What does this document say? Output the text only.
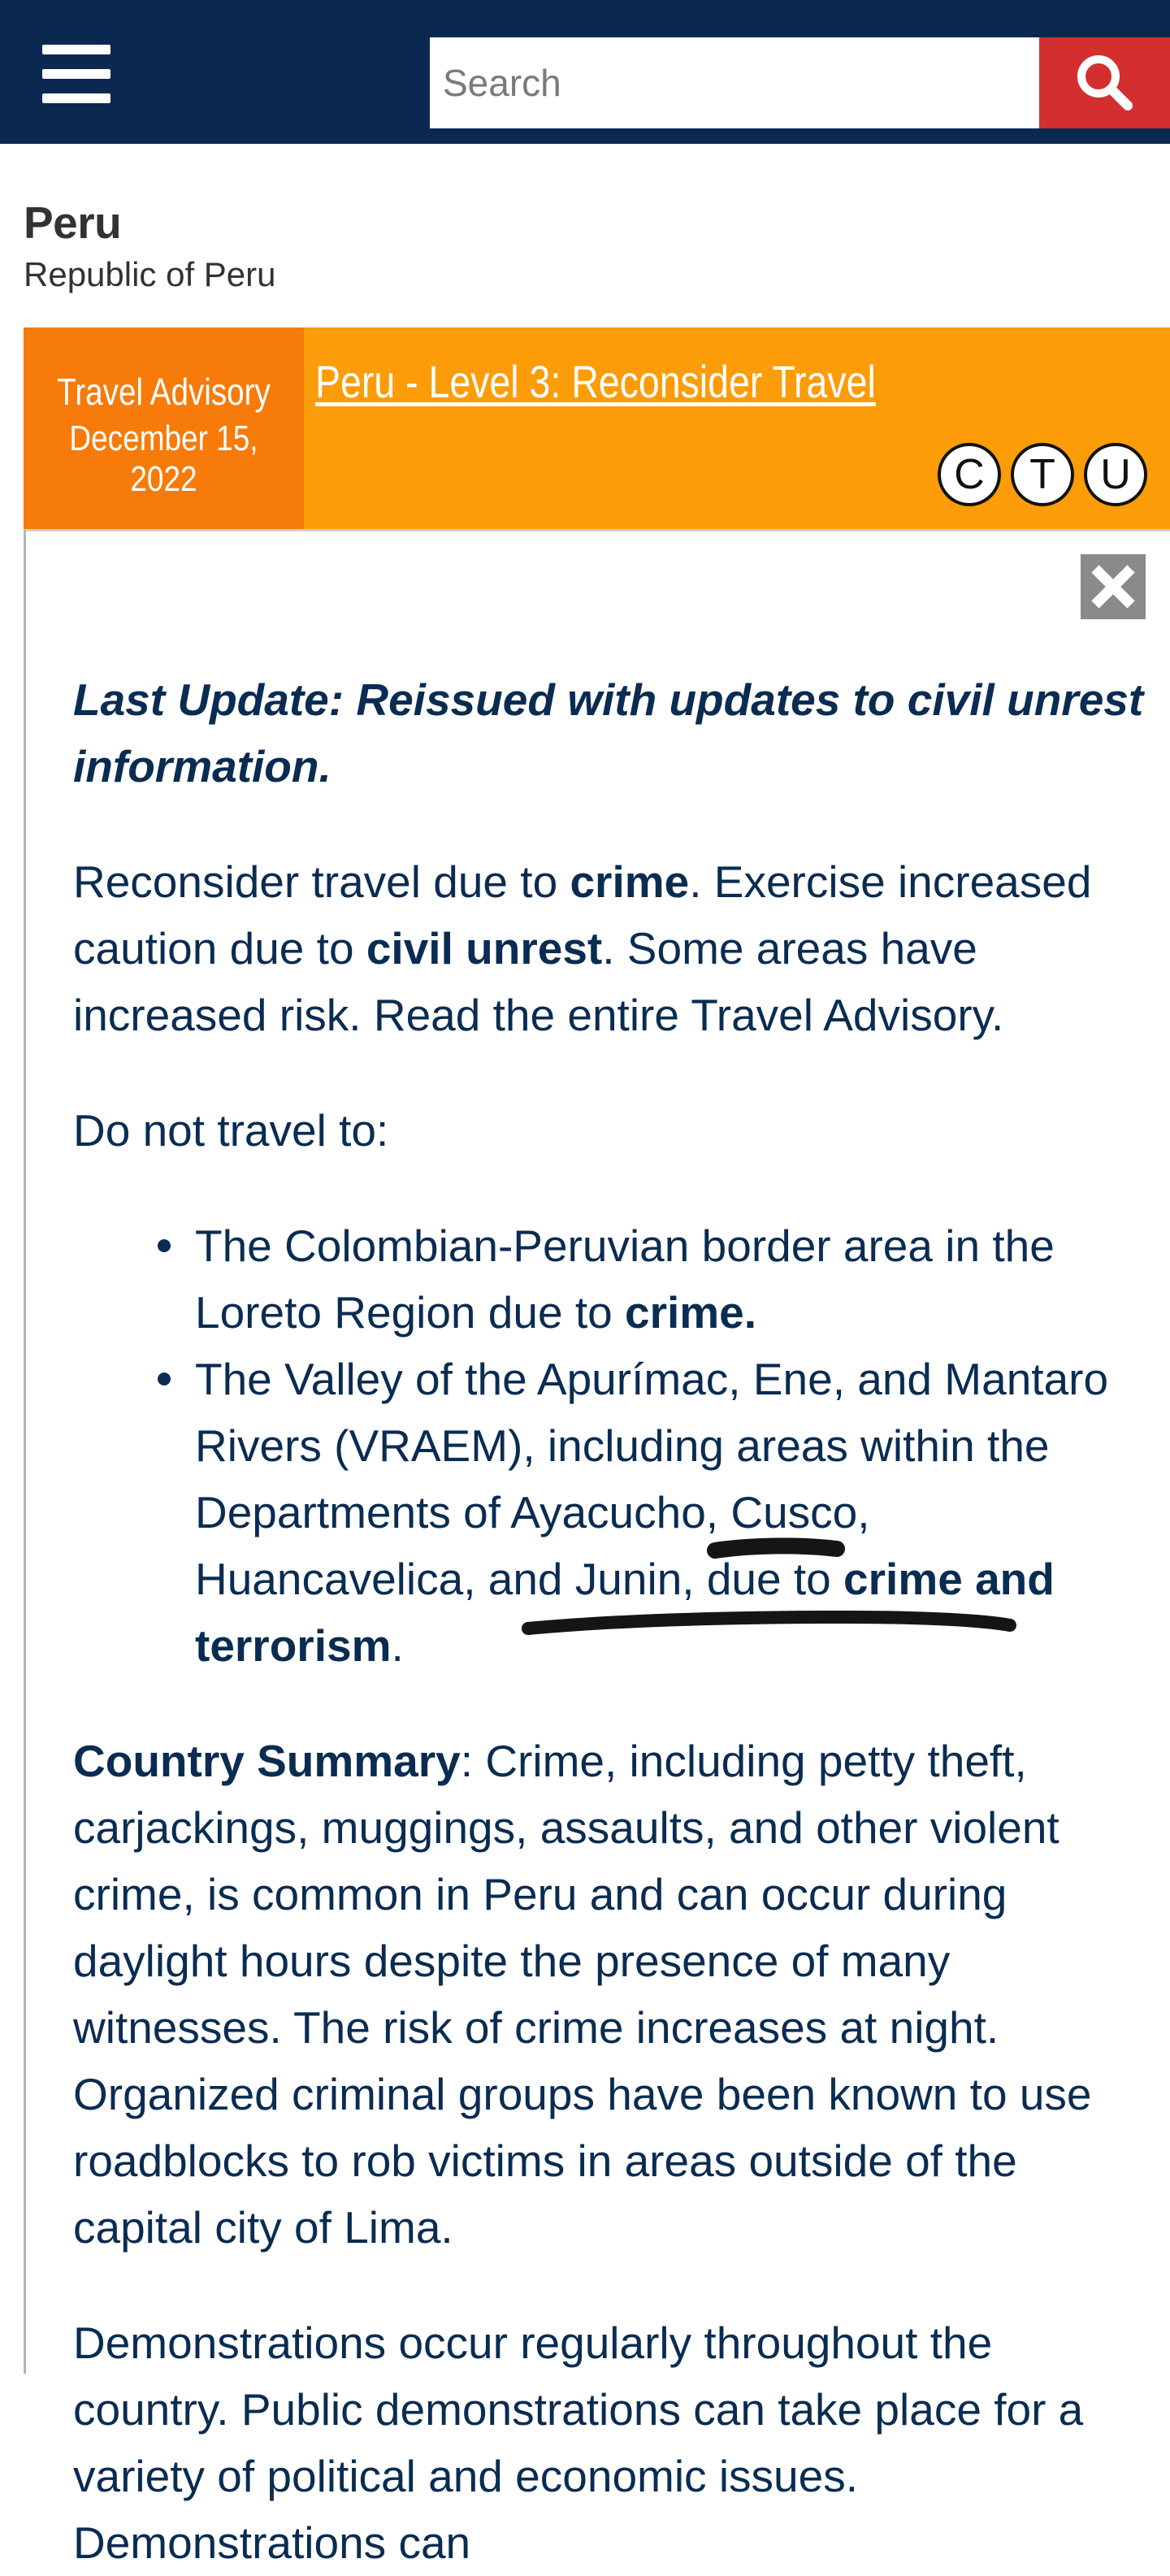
Search
Peru
Republic of Peru
Travel Advisory
December 15, 2022
Peru - Level 3: Reconsider Travel
C	T	U

Last Update: Reissued with updates to civil unrest information.

Reconsider travel due to crime. Exercise increased caution due to civil unrest. Some areas have increased risk. Read the entire Travel Advisory.

Do not travel to:

The Colombian-Peruvian border area in the Loreto Region due to crime.
The Valley of the Apurímac, Ene, and Mantaro Rivers (VRAEM), including areas within the Departments of Ayacucho, Cusco, Huancavelica, and Junin, due to crime and terrorism.

Country Summary: Crime, including petty theft, carjackings, muggings, assaults, and other violent crime, is common in Peru and can occur during daylight hours despite the presence of many witnesses. The risk of crime increases at night. Organized criminal groups have been known to use roadblocks to rob victims in areas outside of the capital city of Lima.

Demonstrations occur regularly throughout the country. Public demonstrations can take place for a variety of political and economic issues. Demonstrations can
